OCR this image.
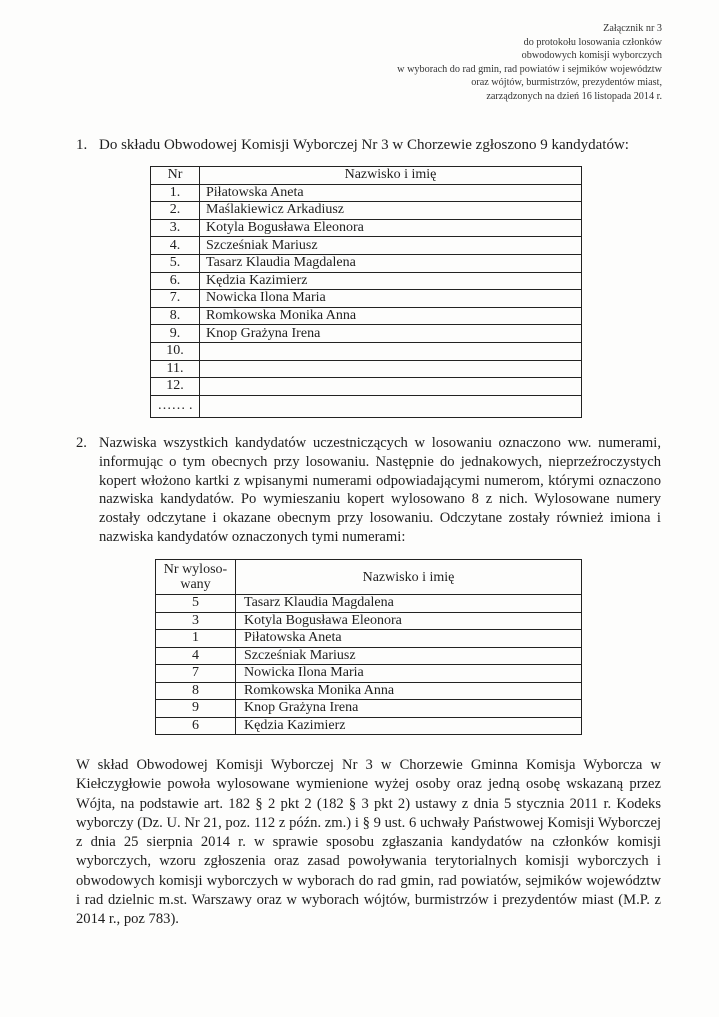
Załącznik nr 3
do protokołu losowania członków
obwodowych komisji wyborczych
w wyborach do rad gmin, rad powiatów i sejmików województw
oraz wójtów, burmistrzów, prezydentów miast,
zarządzonych na dzień 16 listopada 2014 r.
1. Do składu Obwodowej Komisji Wyborczej Nr 3 w Chorzewie zgłoszono 9 kandydatów:
Nr	Nazwisko i imię
1.	Piłatowska Aneta
2.	Maślakiewicz Arkadiusz
3.	Kotyla Bogusława Eleonora
4.	Szcześniak Mariusz
5.	Tasarz Klaudia Magdalena
6.	Kędzia Kazimierz
7.	Nowicka Ilona Maria
8.	Romkowska Monika Anna
9.	Knop Grażyna Irena
10.	
11.	
12.	
…… .	
2. Nazwiska wszystkich kandydatów uczestniczących w losowaniu oznaczono ww. numerami, informując o tym obecnych przy losowaniu. Następnie do jednakowych, nieprzeźroczystych kopert włożono kartki z wpisanymi numerami odpowiadającymi numerom, którymi oznaczono nazwiska kandydatów. Po wymieszaniu kopert wylosowano 8 z nich. Wylosowane numery zostały odczytane i okazane obecnym przy losowaniu. Odczytane zostały również imiona i nazwiska kandydatów oznaczonych tymi numerami:
Nr wyloso-wany	Nazwisko i imię
5	Tasarz Klaudia Magdalena
3	Kotyla Bogusława Eleonora
1	Piłatowska Aneta
4	Szcześniak Mariusz
7	Nowicka Ilona Maria
8	Romkowska Monika Anna
9	Knop Grażyna Irena
6	Kędzia Kazimierz
W skład Obwodowej Komisji Wyborczej Nr 3 w Chorzewie Gminna Komisja Wyborcza w Kiełczygłowie powoła wylosowane wymienione wyżej osoby oraz jedną osobę wskazaną przez Wójta, na podstawie art. 182 § 2 pkt 2 (182 § 3 pkt 2) ustawy z dnia 5 stycznia 2011 r. Kodeks wyborczy (Dz. U. Nr 21, poz. 112 z późn. zm.) i § 9 ust. 6 uchwały Państwowej Komisji Wyborczej z dnia 25 sierpnia 2014 r. w sprawie sposobu zgłaszania kandydatów na członków komisji wyborczych, wzoru zgłoszenia oraz zasad powoływania terytorialnych komisji wyborczych i obwodowych komisji wyborczych w wyborach do rad gmin, rad powiatów, sejmików województw i rad dzielnic m.st. Warszawy oraz w wyborach wójtów, burmistrzów i prezydentów miast (M.P. z 2014 r., poz 783).
